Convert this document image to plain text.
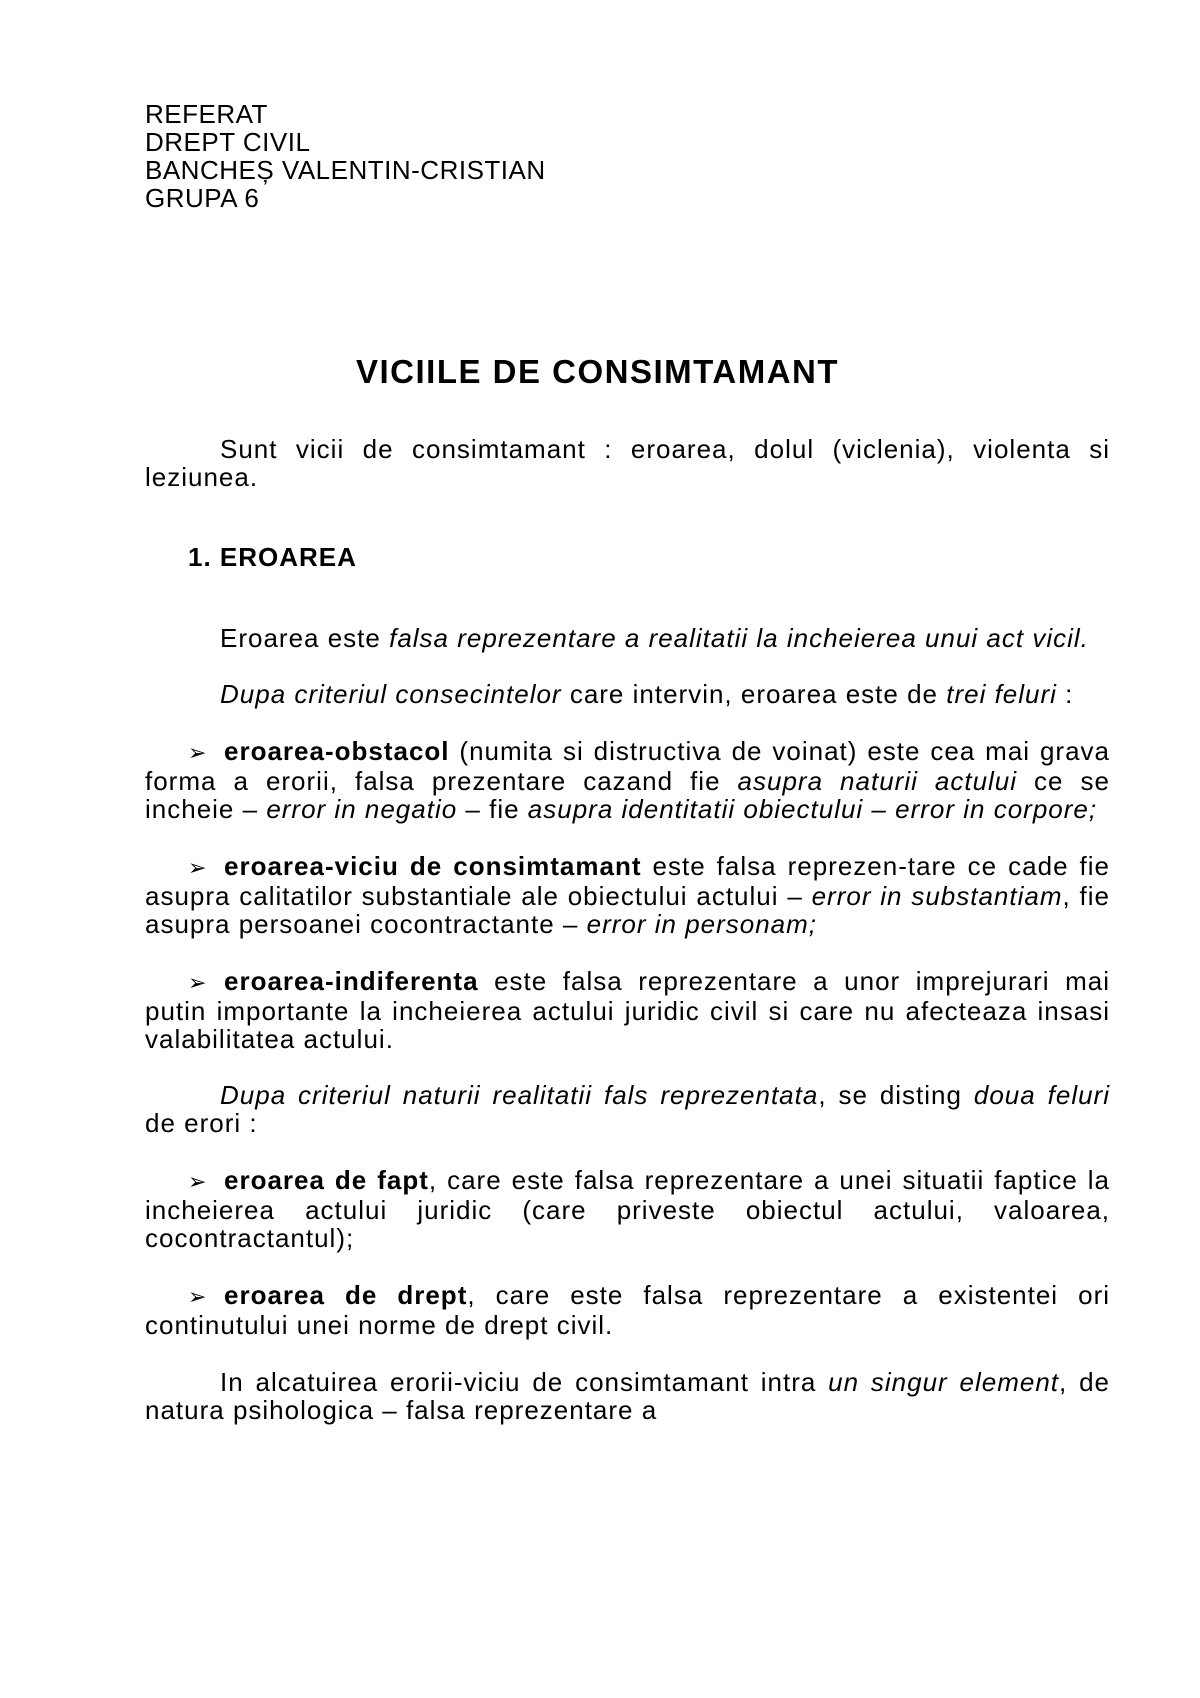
REFERAT
DREPT CIVIL
BANCHEȘ VALENTIN-CRISTIAN
GRUPA 6
VICIILE DE CONSIMTAMANT

Sunt vicii de consimtamant : eroarea, dolul (viclenia), violenta si leziunea.

1. EROAREA

Eroarea este falsa reprezentare a realitatii la incheierea unui act vicil.

Dupa criteriul consecintelor care intervin, eroarea este de trei feluri :

➢ eroarea-obstacol (numita si distructiva de voinat) este cea mai grava forma a erorii, falsa prezentare cazand fie asupra naturii actului ce se incheie – error in negatio – fie asupra identitatii obiectului – error in corpore;

➢ eroarea-viciu de consimtamant este falsa reprezen-tare ce cade fie asupra calitatilor substantiale ale obiectului actului – error in substantiam, fie asupra persoanei cocontractante – error in personam;

➢ eroarea-indiferenta este falsa reprezentare a unor imprejurari mai putin importante la incheierea actului juridic civil si care nu afecteaza insasi valabilitatea actului.

Dupa criteriul naturii realitatii fals reprezentata, se disting doua feluri de erori :

➢ eroarea de fapt, care este falsa reprezentare a unei situatii faptice la incheierea actului juridic (care priveste obiectul actului, valoarea, cocontractantul);

➢ eroarea de drept, care este falsa reprezentare a existentei ori continutului unei norme de drept civil.

In alcatuirea erorii-viciu de consimtamant intra un singur element, de natura psihologica – falsa reprezentare a
